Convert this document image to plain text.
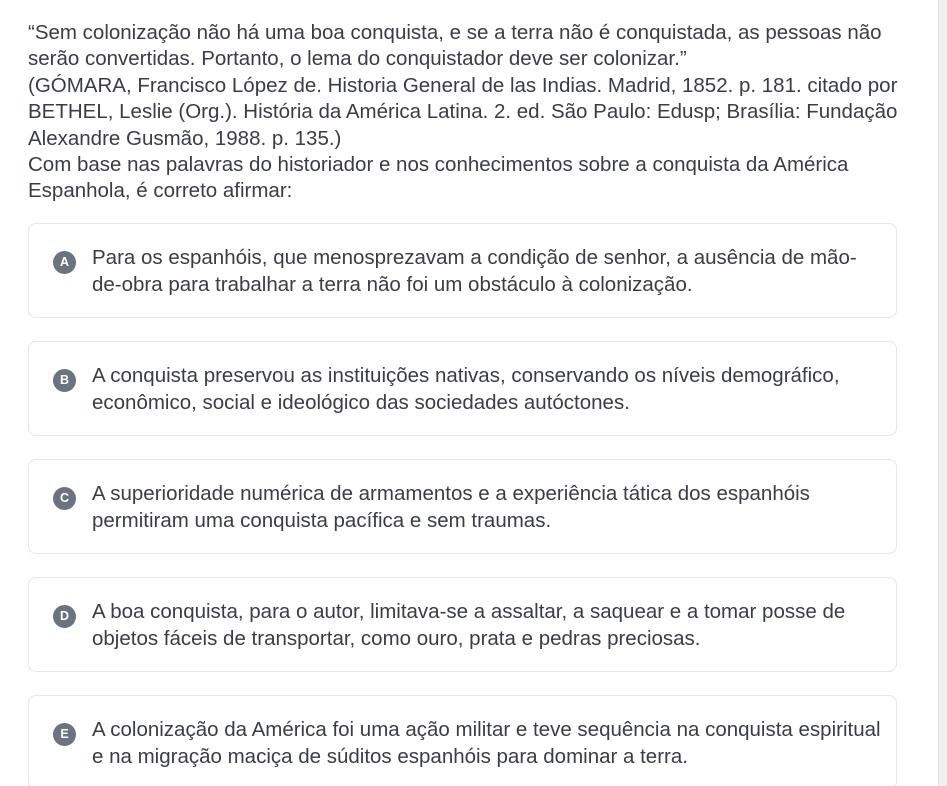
“Sem colonização não há uma boa conquista, e se a terra não é conquistada, as pessoas não serão convertidas. Portanto, o lema do conquistador deve ser colonizar.”

(GÓMARA, Francisco López de. Historia General de las Indias. Madrid, 1852. p. 181. citado por BETHEL, Leslie (Org.). História da América Latina. 2. ed. São Paulo: Edusp; Brasília: Fundação Alexandre Gusmão, 1988. p. 135.)

Com base nas palavras do historiador e nos conhecimentos sobre a conquista da América Espanhola, é correto afirmar:

A	Para os espanhóis, que menosprezavam a condição de senhor, a ausência de mão-de-obra para trabalhar a terra não foi um obstáculo à colonização.
B	A conquista preservou as instituições nativas, conservando os níveis demográfico, econômico, social e ideológico das sociedades autóctones.
C	A superioridade numérica de armamentos e a experiência tática dos espanhóis permitiram uma conquista pacífica e sem traumas.
D	A boa conquista, para o autor, limitava-se a assaltar, a saquear e a tomar posse de objetos fáceis de transportar, como ouro, prata e pedras preciosas.
E	A colonização da América foi uma ação militar e teve sequência na conquista espiritual e na migração maciça de súditos espanhóis para dominar a terra.
